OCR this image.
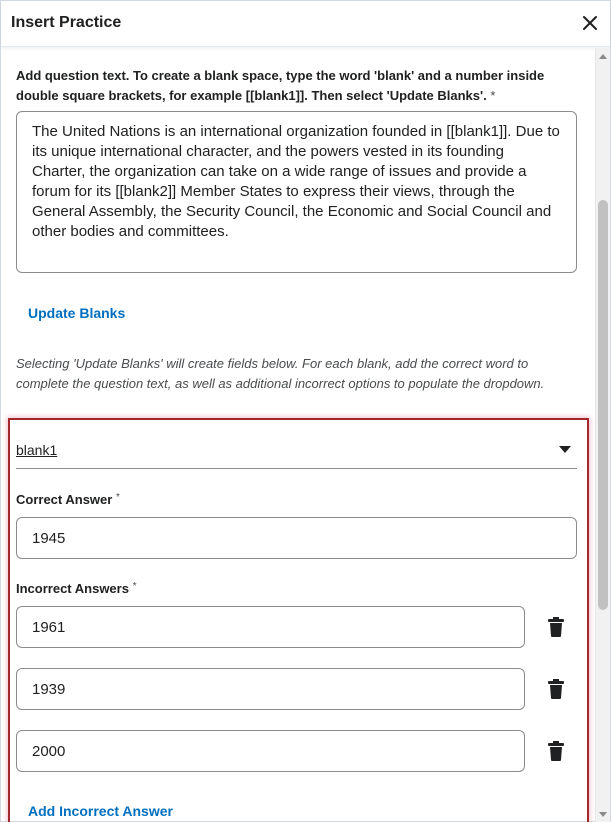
Insert Practice
Add question text. To create a blank space, type the word 'blank' and a number inside double square brackets, for example [[blank1]]. Then select 'Update Blanks'. *
The United Nations is an international organization founded in [[blank1]]. Due to its unique international character, and the powers vested in its founding Charter, the organization can take on a wide range of issues and provide a forum for its [[blank2]] Member States to express their views, through the General Assembly, the Security Council, the Economic and Social Council and other bodies and committees.
Update Blanks
Selecting 'Update Blanks' will create fields below. For each blank, add the correct word to complete the question text, as well as additional incorrect options to populate the dropdown.
blank1
Correct Answer *
1945
Incorrect Answers *
1961
1939
2000
Add Incorrect Answer
